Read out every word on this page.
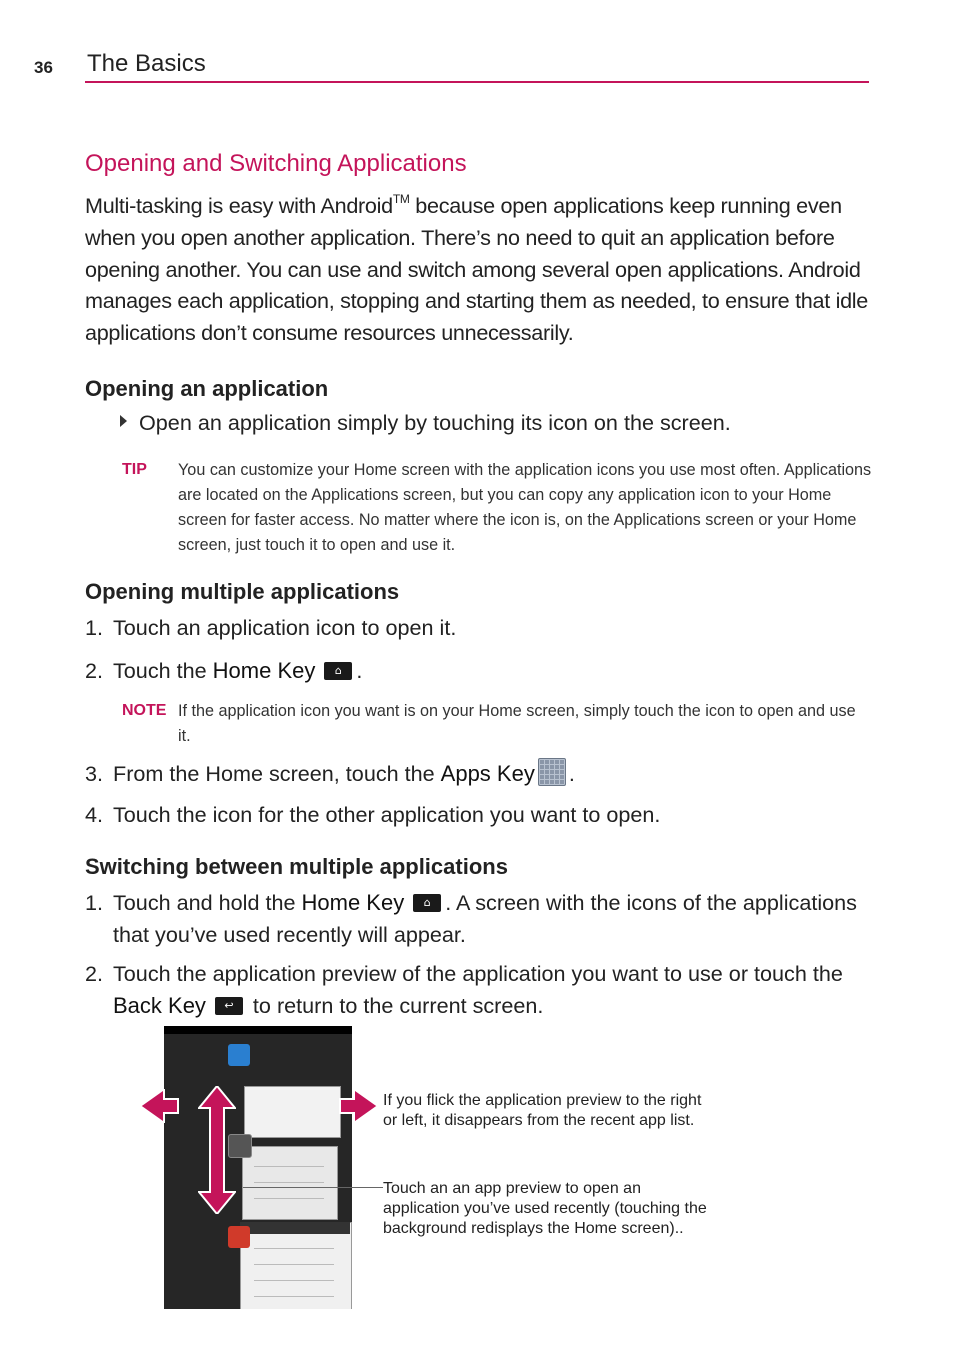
36 The Basics
Opening and Switching Applications
Multi-tasking is easy with Android™ because open applications keep running even when you open another application. There’s no need to quit an application before opening another. You can use and switch among several open applications. Android manages each application, stopping and starting them as needed, to ensure that idle applications don’t consume resources unnecessarily.
Opening an application
Open an application simply by touching its icon on the screen.
TIP You can customize your Home screen with the application icons you use most often. Applications are located on the Applications screen, but you can copy any application icon to your Home screen for faster access. No matter where the icon is, on the Applications screen or your Home screen, just touch it to open and use it.
Opening multiple applications
1. Touch an application icon to open it.
2. Touch the Home Key	⌂ .
NOTE If the application icon you want is on your Home screen, simply touch the icon to open and use it.
3. From the Home screen, touch the Apps Key .
4. Touch the icon for the other application you want to open.
Switching between multiple applications
1. Touch and hold the Home Key	⌂ . A screen with the icons of the applications that you’ve used recently will appear.
2. Touch the application preview of the application you want to use or touch the Back Key	↩ to return to the current screen.
If you flick the application preview to the right or left, it disappears from the recent app list.
Touch an an app preview to open an application you’ve used recently (touching the background redisplays the Home screen)..
